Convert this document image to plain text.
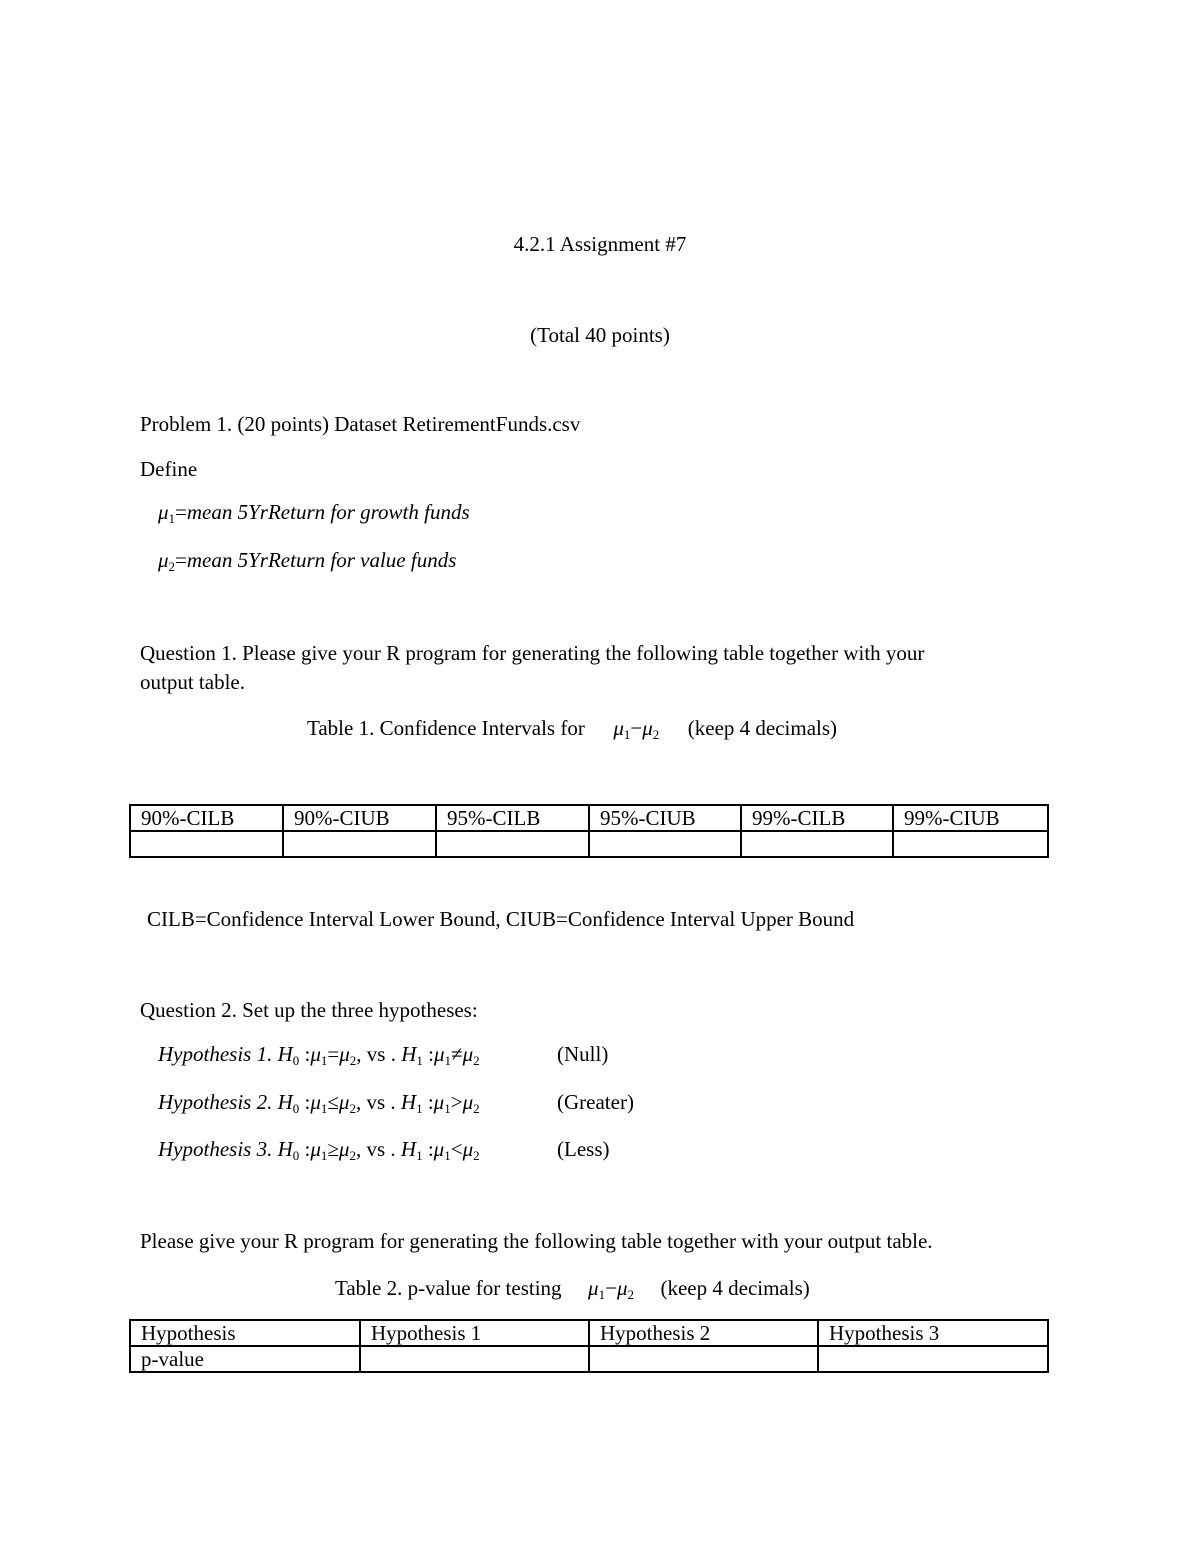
4.2.1 Assignment #7
(Total 40 points)
Problem 1. (20 points) Dataset RetirementFunds.csv
Define
$\mu_1=mean$ 5YrReturn for growth funds
$\mu_2=mean$ 5YrReturn for value funds
Question 1. Please give your R program for generating the following table together with your
output table.
Table 1. Confidence Intervals for $\mu_1-\mu_2$ (keep 4 decimals)
90%-CILB	90%-CIUB	95%-CILB	95%-CIUB	99%-CILB	99%-CIUB

CILB=Confidence Interval Lower Bound, CIUB=Confidence Interval Upper Bound
Question 2. Set up the three hypotheses:
Hypothesis 1. $H_0$ $:\mu_1=\mu_2$, vs . $H_1$ $:\mu_1\ne\mu_2$	(Null)
Hypothesis 2. $H_0$ $:\mu_1\le\mu_2$, vs . $H_1$ $:\mu_1>\mu_2$	(Greater)
Hypothesis 3. $H_0$ $:\mu_1\ge\mu_2$, vs . $H_1$ $:\mu_1<\mu_2$	(Less)
Please give your R program for generating the following table together with your output table.
Table 2. p-value for testing $\mu_1-\mu_2$ (keep 4 decimals)
Hypothesis	Hypothesis 1	Hypothesis 2	Hypothesis 3
p-value			
